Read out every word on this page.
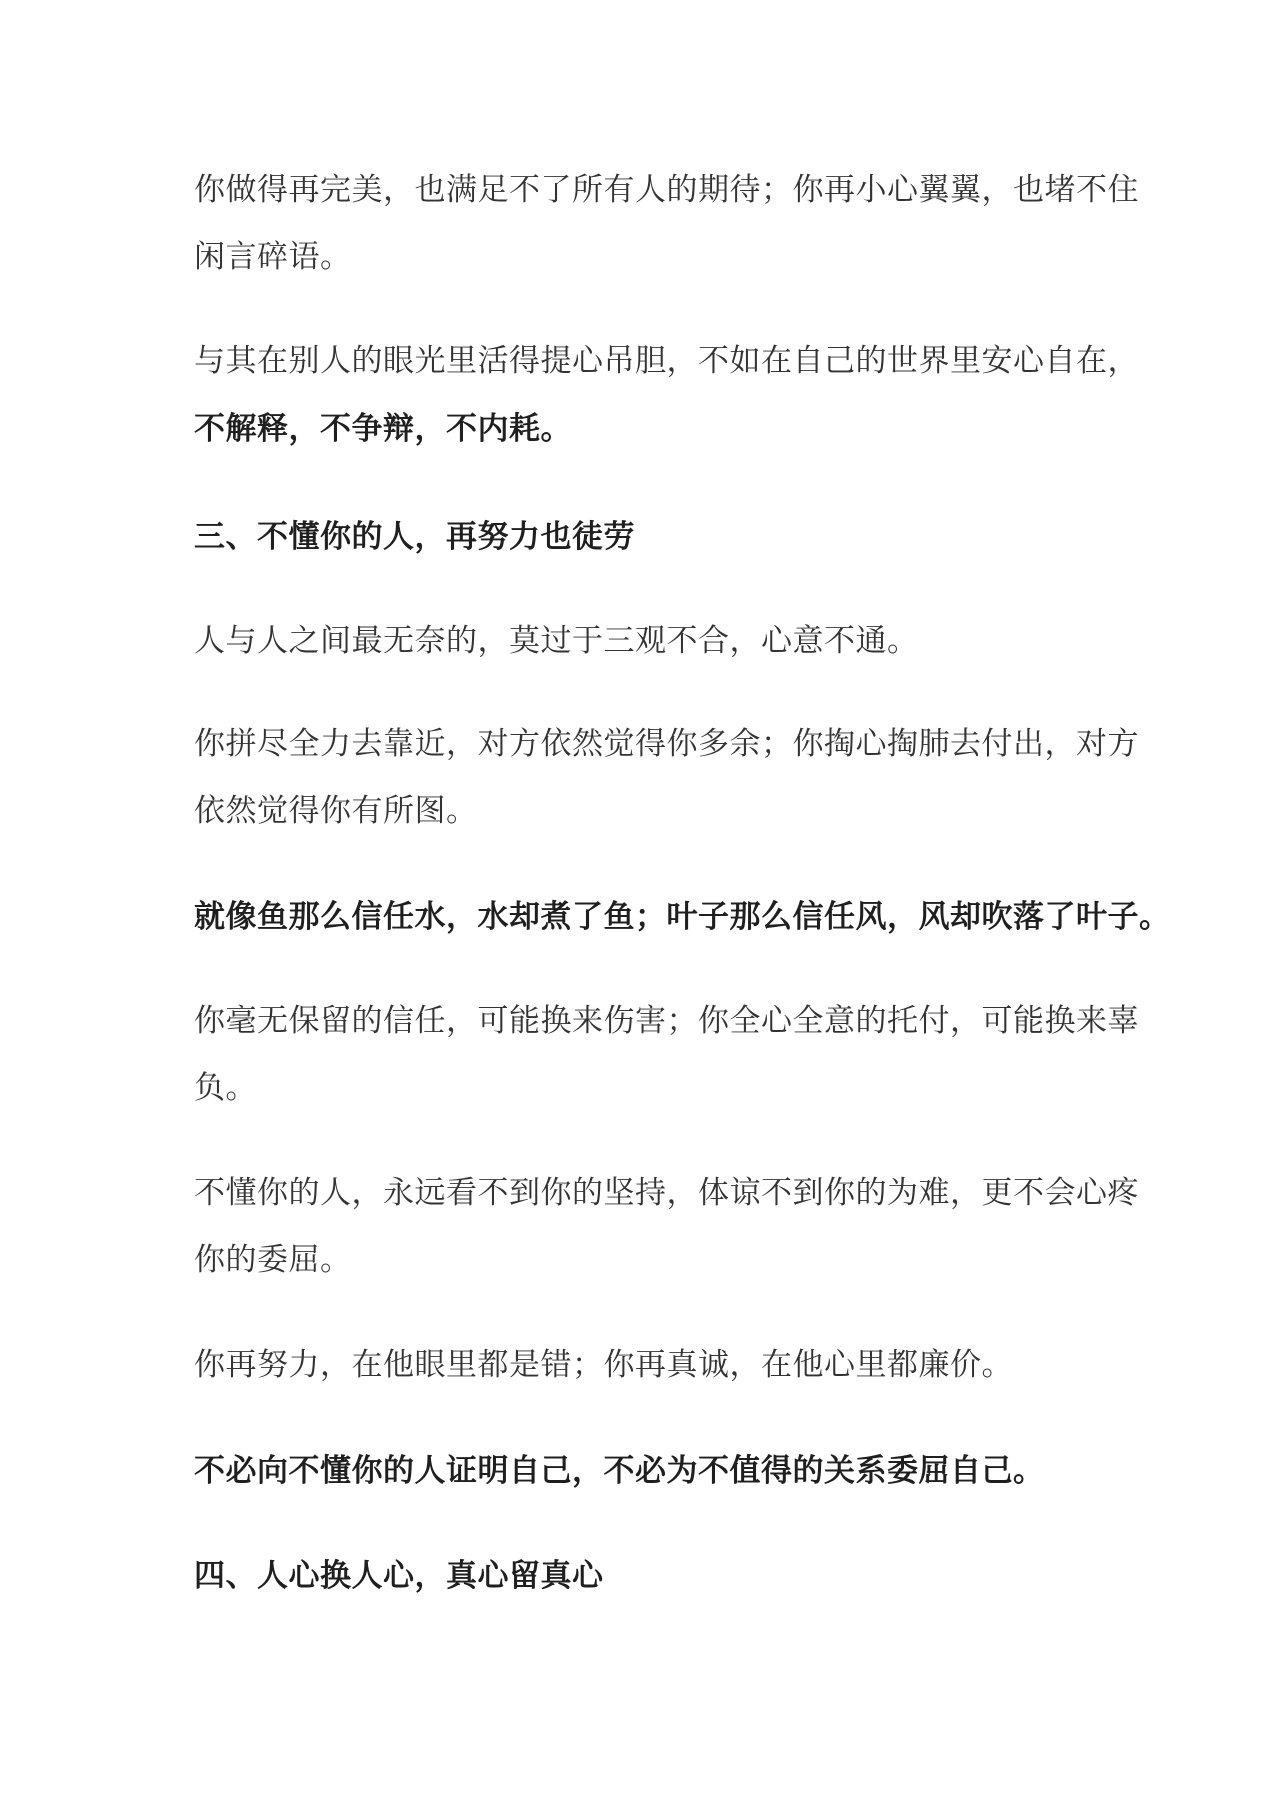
你做得再完美，也满足不了所有人的期待；你再小心翼翼，也堵不住
闲言碎语。
与其在别人的眼光里活得提心吊胆，不如在自己的世界里安心自在，
不解释，不争辩，不内耗。
三、不懂你的人，再努力也徒劳
人与人之间最无奈的，莫过于三观不合，心意不通。
你拼尽全力去靠近，对方依然觉得你多余；你掏心掏肺去付出，对方
依然觉得你有所图。
就像鱼那么信任水，水却煮了鱼；叶子那么信任风，风却吹落了叶子。
你毫无保留的信任，可能换来伤害；你全心全意的托付，可能换来辜
负。
不懂你的人，永远看不到你的坚持，体谅不到你的为难，更不会心疼
你的委屈。
你再努力，在他眼里都是错；你再真诚，在他心里都廉价。
不必向不懂你的人证明自己，不必为不值得的关系委屈自己。
四、人心换人心，真心留真心
